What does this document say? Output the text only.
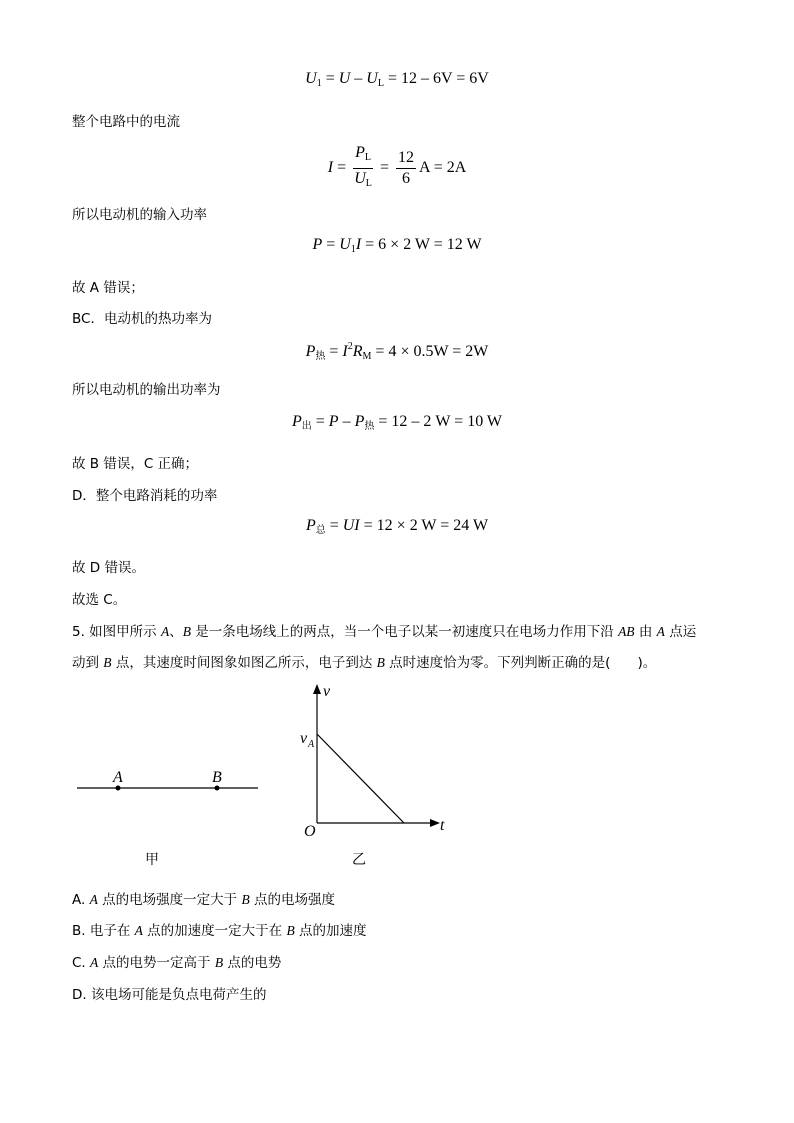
$U_1 = U - U_L = 12 - 6V = 6V$
整个电路中的电流
$I = \frac{P_L}{U_L} = \frac{12}{6}$ A = 2A
所以电动机的输入功率
$P = U_1I = 6 \times 2$ W = 12 W
故 A 错误；
BC．电动机的热功率为
$P_热 = I^2R_M = 4 \times 0.5W = 2W$
所以电动机的输出功率为
$P_出 = P - P_热 = 12 - 2$ W = 10 W
故 B 错误，C 正确；
D．整个电路消耗的功率
$P_总$ = UI = 12 × 2 W = 24 W
故 D 错误。
故选 C。
5. 如图甲所示 A、B 是一条电场线上的两点，当一个电子以某一初速度只在电场力作用下沿 AB 由 A 点运
动到 B 点，其速度时间图象如图乙所示，电子到达 B 点时速度恰为零。下列判断正确的是(　　)。
A	B
v
t
O
v A
甲	乙
A. A 点的电场强度一定大于 B 点的电场强度
B. 电子在 A 点的加速度一定大于在 B 点的加速度
C. A 点的电势一定高于 B 点的电势
D. 该电场可能是负点电荷产生的
